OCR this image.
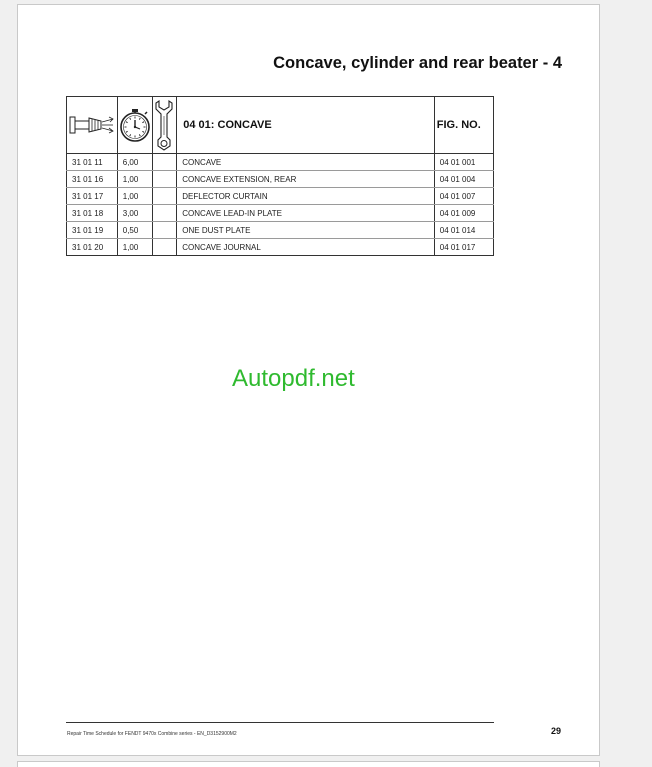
Concave, cylinder and rear beater - 4

	04 01: CONCAVE	FIG. NO.
31 01 11	6,00		CONCAVE	04 01 001
31 01 16	1,00		CONCAVE EXTENSION, REAR	04 01 004
31 01 17	1,00		DEFLECTOR CURTAIN	04 01 007
31 01 18	3,00		CONCAVE LEAD-IN PLATE	04 01 009
31 01 19	0,50		ONE DUST PLATE	04 01 014
31 01 20	1,00		CONCAVE JOURNAL	04 01 017
Autopdf.net
Repair Time Schedule for FENDT 9470x Combine series - EN_D3152900M2	29
